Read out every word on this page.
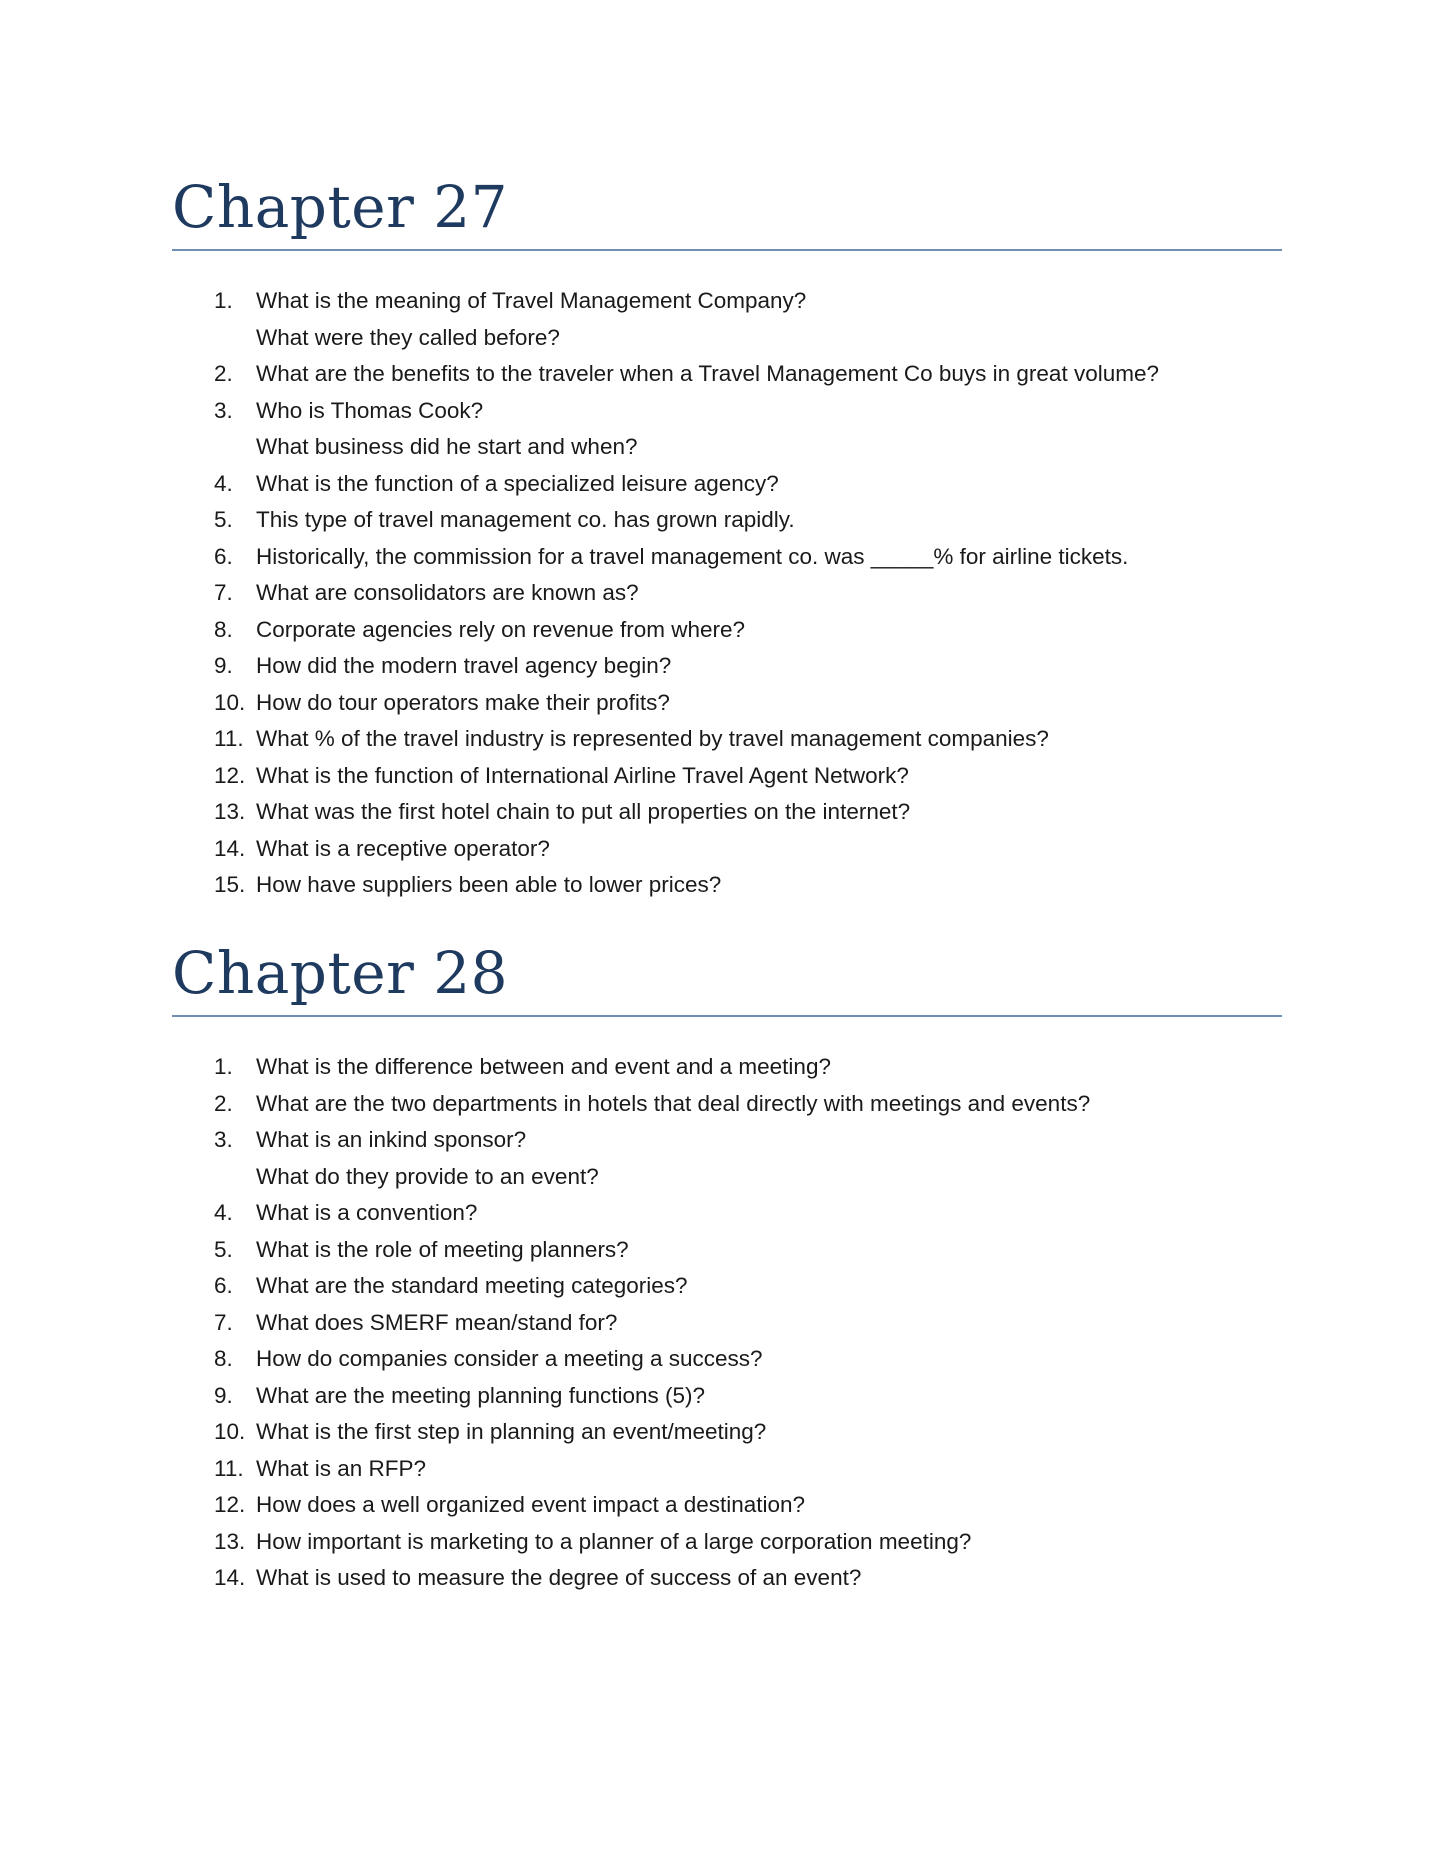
Chapter 27
1. What is the meaning of Travel Management Company?
What were they called before?
2. What are the benefits to the traveler when a Travel Management Co buys in great volume?
3. Who is Thomas Cook?
What business did he start and when?
4. What is the function of a specialized leisure agency?
5. This type of travel management co. has grown rapidly.
6. Historically, the commission for a travel management co. was _____% for airline tickets.
7. What are consolidators are known as?
8. Corporate agencies rely on revenue from where?
9. How did the modern travel agency begin?
10. How do tour operators make their profits?
11. What % of the travel industry is represented by travel management companies?
12. What is the function of International Airline Travel Agent Network?
13. What was the first hotel chain to put all properties on the internet?
14. What is a receptive operator?
15. How have suppliers been able to lower prices?
Chapter 28
1. What is the difference between and event and a meeting?
2. What are the two departments in hotels that deal directly with meetings and events?
3. What is an inkind sponsor?
What do they provide to an event?
4. What is a convention?
5. What is the role of meeting planners?
6. What are the standard meeting categories?
7. What does SMERF mean/stand for?
8. How do companies consider a meeting a success?
9. What are the meeting planning functions (5)?
10. What is the first step in planning an event/meeting?
11. What is an RFP?
12. How does a well organized event impact a destination?
13. How important is marketing to a planner of a large corporation meeting?
14. What is used to measure the degree of success of an event?
